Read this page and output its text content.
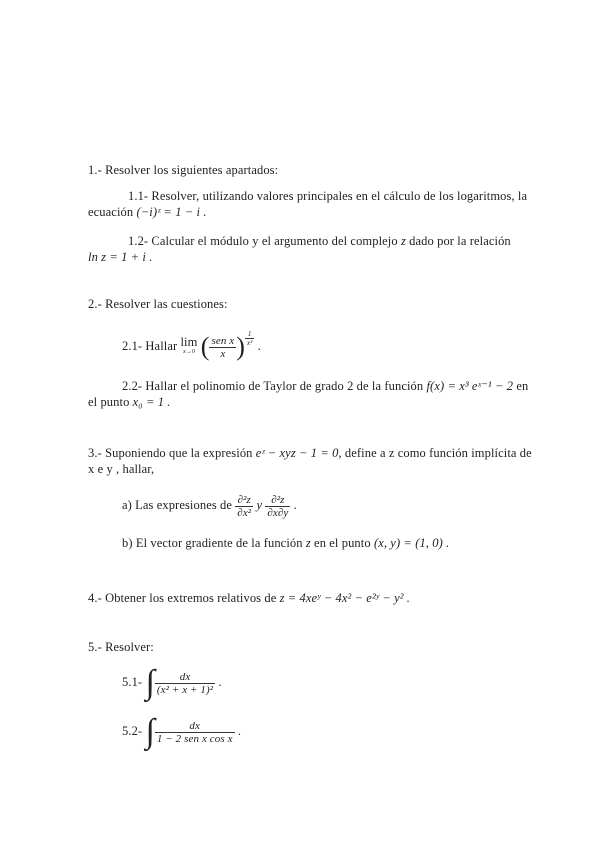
1.- Resolver los siguientes apartados:
1.1- Resolver, utilizando valores principales en el cálculo de los logaritmos, la
ecuación (−i)ᶻ = 1 − i .
1.2- Calcular el módulo y el argumento del complejo z dado por la relación
ln z = 1 + i .
2.- Resolver las cuestiones:
2.1- Hallar lim
x→0 ( $\frac{\text{sen x}}{x}$ ) $\frac{1}{\text{x²}}$ .
2.2- Hallar el polinomio de Taylor de grado 2 de la función f(x) = x³ eˣ⁻¹ − 2 en
el punto x₀ = 1 .
3.- Suponiendo que la expresión eᶻ − xyz − 1 = 0, define a z como función implícita de
x e y , hallar,
a) Las expresiones de $\frac{\text{∂²z}}{\text{∂x²}}$ y $\frac{\text{∂²z}}{\partial x\partial y}$ .
b) El vector gradiente de la función z en el punto (x, y) = (1, 0) .
4.- Obtener los extremos relativos de z = 4xeʸ − 4x² − e²ʸ − y² .
5.- Resolver:
5.1- ∫ $\frac{dx}{\text{(x² + x + 1)²}}$ .
5.2- ∫ $\frac{dx}{\text{1 − 2 sen x cos x}}$ .
